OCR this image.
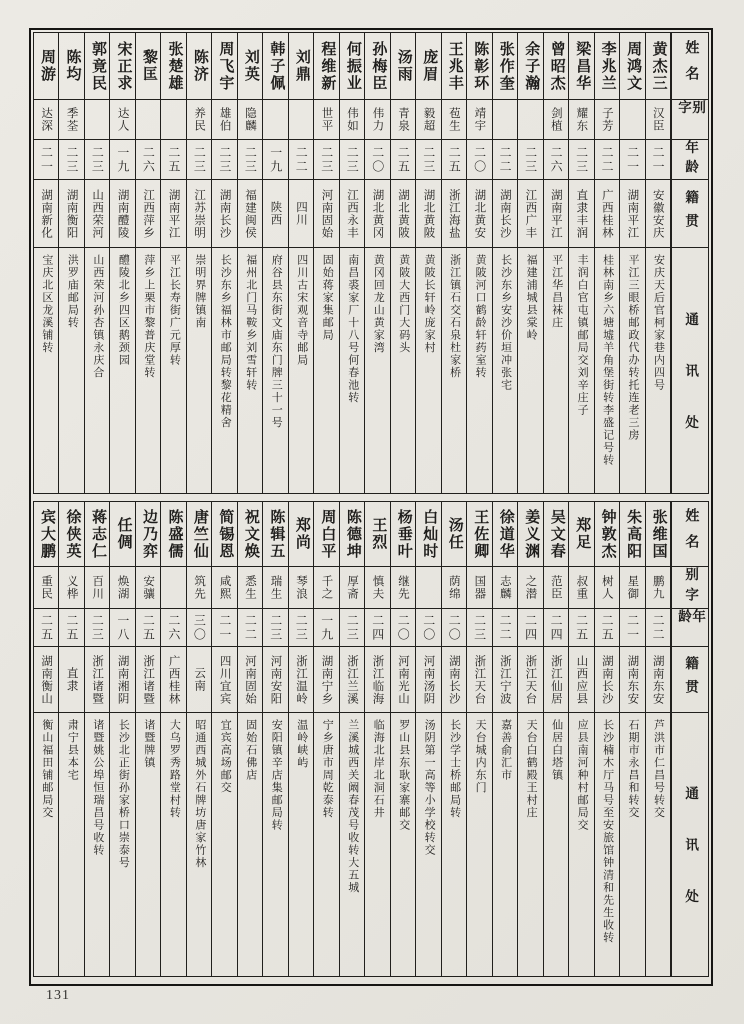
姓名
别字
年龄
籍贯
通讯处
黄杰三
汉臣
二一
安徽安庆
安庆天后官柯家巷内四号
周鸿文
二一
湖南平江
平江三眼桥邮政代办转托连老三房
李兆兰
子芳
二二
广西桂林
桂林南乡六塘墟羊角堡街转李盛记号转
梁昌华
耀东
二三
直隶丰润
丰润白官屯镇邮局交刘辛庄子
曾昭杰
剑植
二六
湖南平江
平江华昌袜庄
余子瀚
二三
江西广丰
福建浦城县棠岭
张作奎
二二
湖南长沙
长沙东乡安沙价垣冲张宅
陈彰环
靖宇
二〇
湖北黄安
黄陂河口鹤龄轩药室转
王兆丰
苞生
二五
浙江海盐
浙江镇石交石泉杜家桥
庞眉
毅超
二三
湖北黄陂
黄陂长轩岭庞家村
汤雨
青泉
二五
湖北黄陂
黄陂大西门大码头
孙梅臣
伟力
二〇
湖北黄冈
黄冈回龙山黄家湾
何振业
伟如
二三
江西永丰
南昌裘家厂十八号何春池转
程维新
世平
二三
河南固始
固始蒋家集邮局
刘鼎
二二
四川
四川古宋观音寺邮局
韩子佩
一九
陕西
府谷县东街文庙东门牌三十一号
刘英
隐麟
二三
福建闽侯
福州北门马鞍乡刘雪轩转
周飞宇
雄伯
二三
湖南长沙
长沙东乡福林市邮局转黎花精舍
陈济
养民
二三
江苏崇明
崇明界牌镇南
张楚雄
二五
湖南平江
平江长寿街广元厚转
黎匡
二六
江西萍乡
萍乡上栗市黎普庆堂转
宋正求
达人
一九
湖南醴陵
醴陵北乡四区鹅颈园
郭竟民
二三
山西荣河
山西荣河孙杏镇永庆合
陈均
季荃
二三
湖南衡阳
洪罗庙邮局转
周游
达深
二一
湖南新化
宝庆北区龙溪铺转
姓名
别字
年龄
籍贯
通讯处
张维国
鹏九
二二
湖南东安
芦洪市仁昌号转交
朱高阳
星御
二一
湖南东安
石期市永昌和转交
钟敦杰
树人
二五
湖南长沙
长沙楠木厅马号至安旅馆钟清和先生收转
郑足
叔重
二五
山西应县
应县南河种村邮局交
吴文春
范臣
二四
浙江仙居
仙居白塔镇
姜义渊
之潜
二四
浙江天台
天台白鹤殿王村庄
徐道华
志麟
二二
浙江宁波
嘉善俞汇市
王佐卿
国器
二三
浙江天台
天台城内东门
汤任
荫绵
二〇
湖南长沙
长沙学士桥邮局转
白灿时
二〇
河南汤阴
汤阴第一高等小学校转交
杨垂叶
继先
二〇
河南光山
罗山县东耿家寨邮交
王烈
慎夫
二四
浙江临海
临海北岸北洞石井
陈德坤
厚斋
二三
浙江兰溪
兰溪城西关阚春茂号收转大五城
周白平
千之
一九
湖南宁乡
宁乡唐市周乾泰转
郑尚
琴浪
二三
浙江温岭
温岭峡屿
陈辑五
瑞生
二三
河南安阳
安阳镇辛店集邮局转
祝文焕
悉生
二二
河南固始
固始石佛店
简锡恩
咸熙
二一
四川宜宾
宜宾高场邮交
唐竺仙
筑先
三〇
云南
昭通西城外石牌坊唐家竹林
陈盛儒
二六
广西桂林
大乌罗秀路堂村转
边乃弈
安骧
二五
浙江诸暨
诸暨牌镇
任倜
焕湖
一八
湖南湘阴
长沙北正街孙家桥口崇泰号
蒋志仁
百川
二三
浙江诸暨
诸暨姚公埠恒瑞昌号收转
徐侠英
义桦
二五
直隶
肃宁县本宅
宾大鹏
重民
二五
湖南衡山
衡山福田铺邮局交
131
